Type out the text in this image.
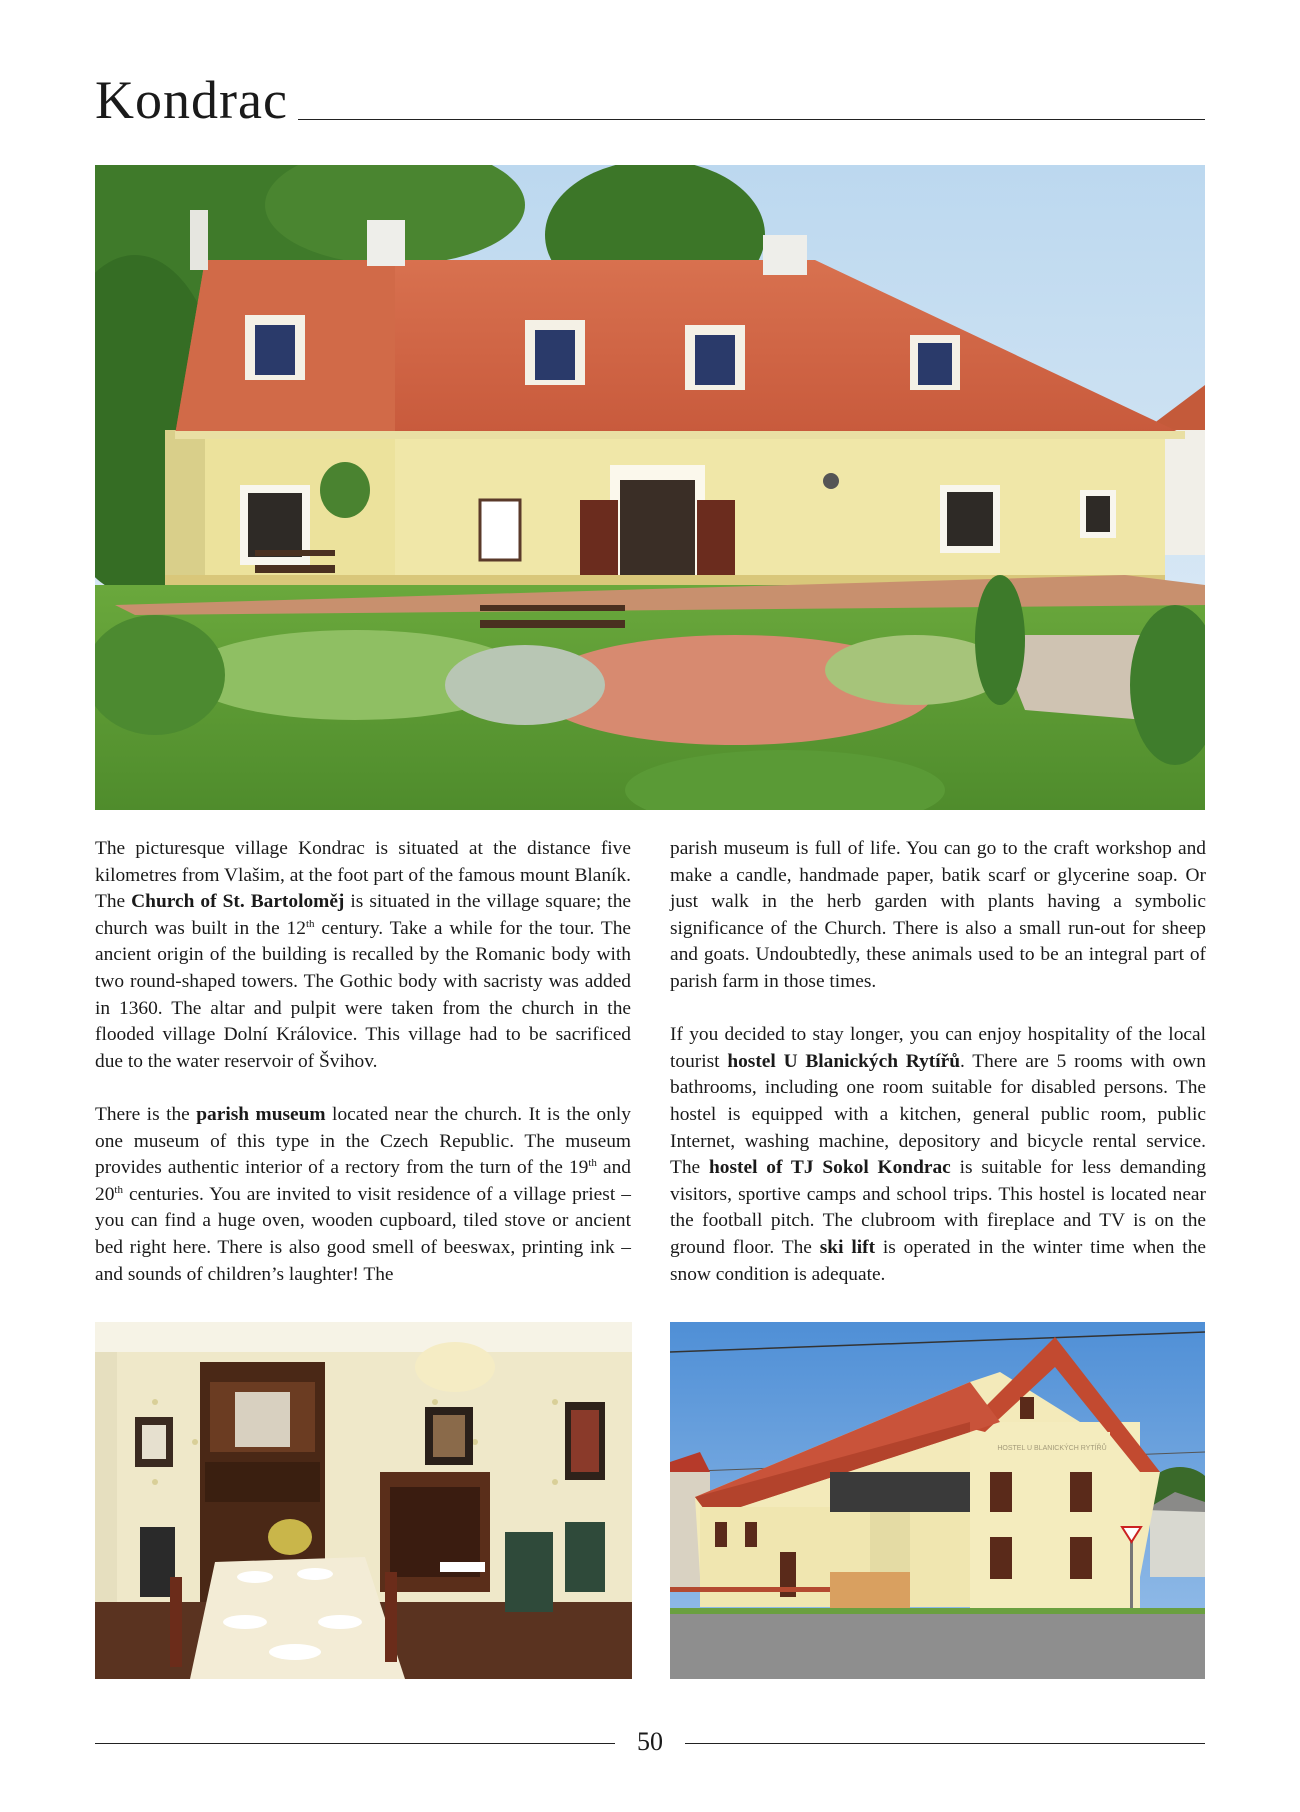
Kondrac

The picturesque village Kondrac is situated at the distance five kilometres from Vlašim, at the foot part of the famous mount Blaník. The Church of St. Bartoloměj is situated in the village square; the church was built in the 12th century. Take a while for the tour. The ancient origin of the building is recalled by the Romanic body with two round-shaped towers. The Gothic body with sacristy was added in 1360. The altar and pulpit were taken from the church in the flooded village Dolní Královice. This village had to be sacrificed due to the water reservoir of Švihov.

There is the parish museum located near the church. It is the only one museum of this type in the Czech Republic. The museum provides authentic interior of a rectory from the turn of the 19th and 20th centuries. You are invited to visit residence of a village priest – you can find a huge oven, wooden cupboard, tiled stove or ancient bed right here. There is also good smell of beeswax, printing ink – and sounds of children’s laughter! The

parish museum is full of life. You can go to the craft workshop and make a candle, handmade paper, batik scarf or glycerine soap. Or just walk in the herb garden with plants having a symbolic significance of the Church. There is also a small run-out for sheep and goats. Undoubtedly, these animals used to be an integral part of parish farm in those times.

If you decided to stay longer, you can enjoy hospitality of the local tourist hostel U Blanických Rytířů. There are 5 rooms with own bathrooms, including one room suitable for disabled persons. The hostel is equipped with a kitchen, general public room, public Internet, washing machine, depository and bicycle rental service. The hostel of TJ Sokol Kondrac is suitable for less demanding visitors, sportive camps and school trips. This hostel is located near the football pitch. The clubroom with fireplace and TV is on the ground floor. The ski lift is operated in the winter time when the snow condition is adequate.

HOSTEL U BLANICKÝCH RYTÍŘŮ
50
